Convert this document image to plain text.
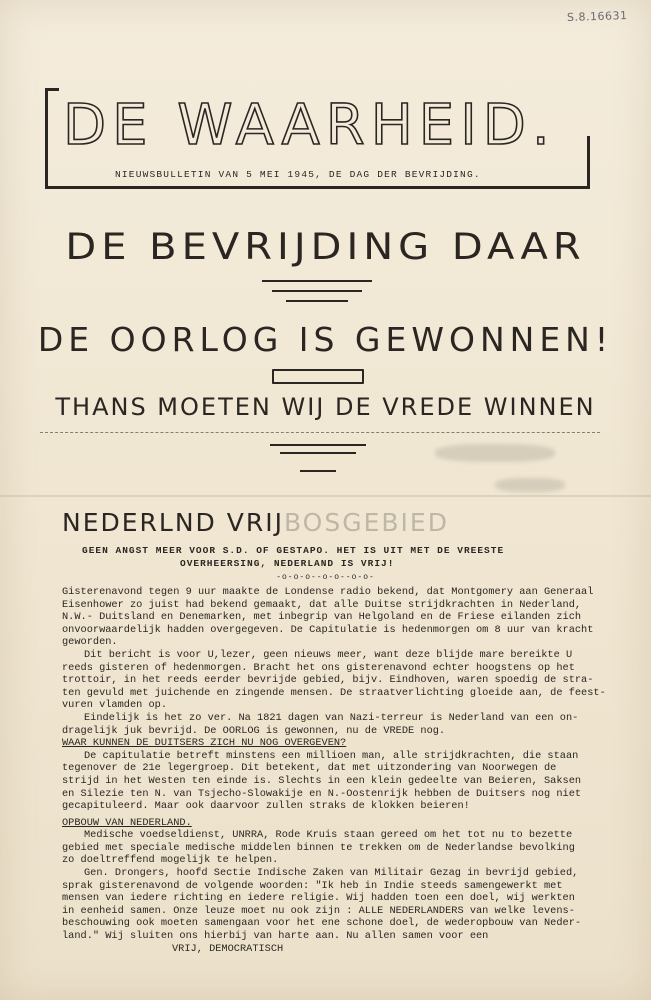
S.8.16631
DE WAARHEID.
NIEUWSBULLETIN VAN 5 MEI 1945, DE DAG DER BEVRIJDING.
DE BEVRIJDING DAAR
DE OORLOG IS GEWONNEN!
THANS MOETEN WIJ DE VREDE WINNEN
NEDERLND VRIJBOSGEBIED
GEEN ANGST MEER VOOR S.D. OF GESTAPO. HET IS UIT MET DE VREESTE
OVERHEERSING, NEDERLAND IS VRIJ!
-o-o-o--o-o--o-o-
Gisterenavond tegen 9 uur maakte de Londense radio bekend, dat Montgomery aan Generaal
Eisenhower zo juist had bekend gemaakt, dat alle Duitse strijdkrachten in Nederland,
N.W.- Duitsland en Denemarken, met inbegrip van Helgoland en de Friese eilanden zich
onvoorwaardelijk hadden overgegeven. De Capitulatie is hedenmorgen om 8 uur van kracht
geworden.
Dit bericht is voor U,lezer, geen nieuws meer, want deze blijde mare bereikte U
reeds gisteren of hedenmorgen. Bracht het ons gisterenavond echter hoogstens op het
trottoir, in het reeds eerder bevrijde gebied, bijv. Eindhoven, waren spoedig de stra-
ten gevuld met juichende en zingende mensen. De straatverlichting gloeide aan, de feest-
vuren vlamden op.
Eindelijk is het zo ver. Na 1821 dagen van Nazi-terreur is Nederland van een on-
dragelijk juk bevrijd. De OORLOG is gewonnen, nu de VREDE nog.
WAAR KUNNEN DE DUITSERS ZICH NU NOG OVERGEVEN?
De capitulatie betreft minstens een millioen man, alle strijdkrachten, die staan
tegenover de 21e legergroep. Dit betekent, dat met uitzondering van Noorwegen de
strijd in het Westen ten einde is. Slechts in een klein gedeelte van Beieren, Saksen
en Silezie ten N. van Tsjecho-Slowakije en N.-Oostenrijk hebben de Duitsers nog niet
gecapituleerd. Maar ook daarvoor zullen straks de klokken beieren!
OPBOUW VAN NEDERLAND.
Medische voedseldienst, UNRRA, Rode Kruis staan gereed om het tot nu to bezette
gebied met speciale medische middelen binnen te trekken om de Nederlandse bevolking
zo doeltreffend mogelijk te helpen.
Gen. Drongers, hoofd Sectie Indische Zaken van Militair Gezag in bevrijd gebied,
sprak gisterenavond de volgende woorden: "Ik heb in Indie steeds samengewerkt met
mensen van iedere richting en iedere religie. Wij hadden toen een doel, wij werkten
in eenheid samen. Onze leuze moet nu ook zijn : ALLE NEDERLANDERS van welke levens-
beschouwing ook moeten samengaan voor het ene schone doel, de wederopbouw van Neder-
land." Wij sluiten ons hierbij van harte aan. Nu allen samen voor een
VRIJ, DEMOCRATISCH
